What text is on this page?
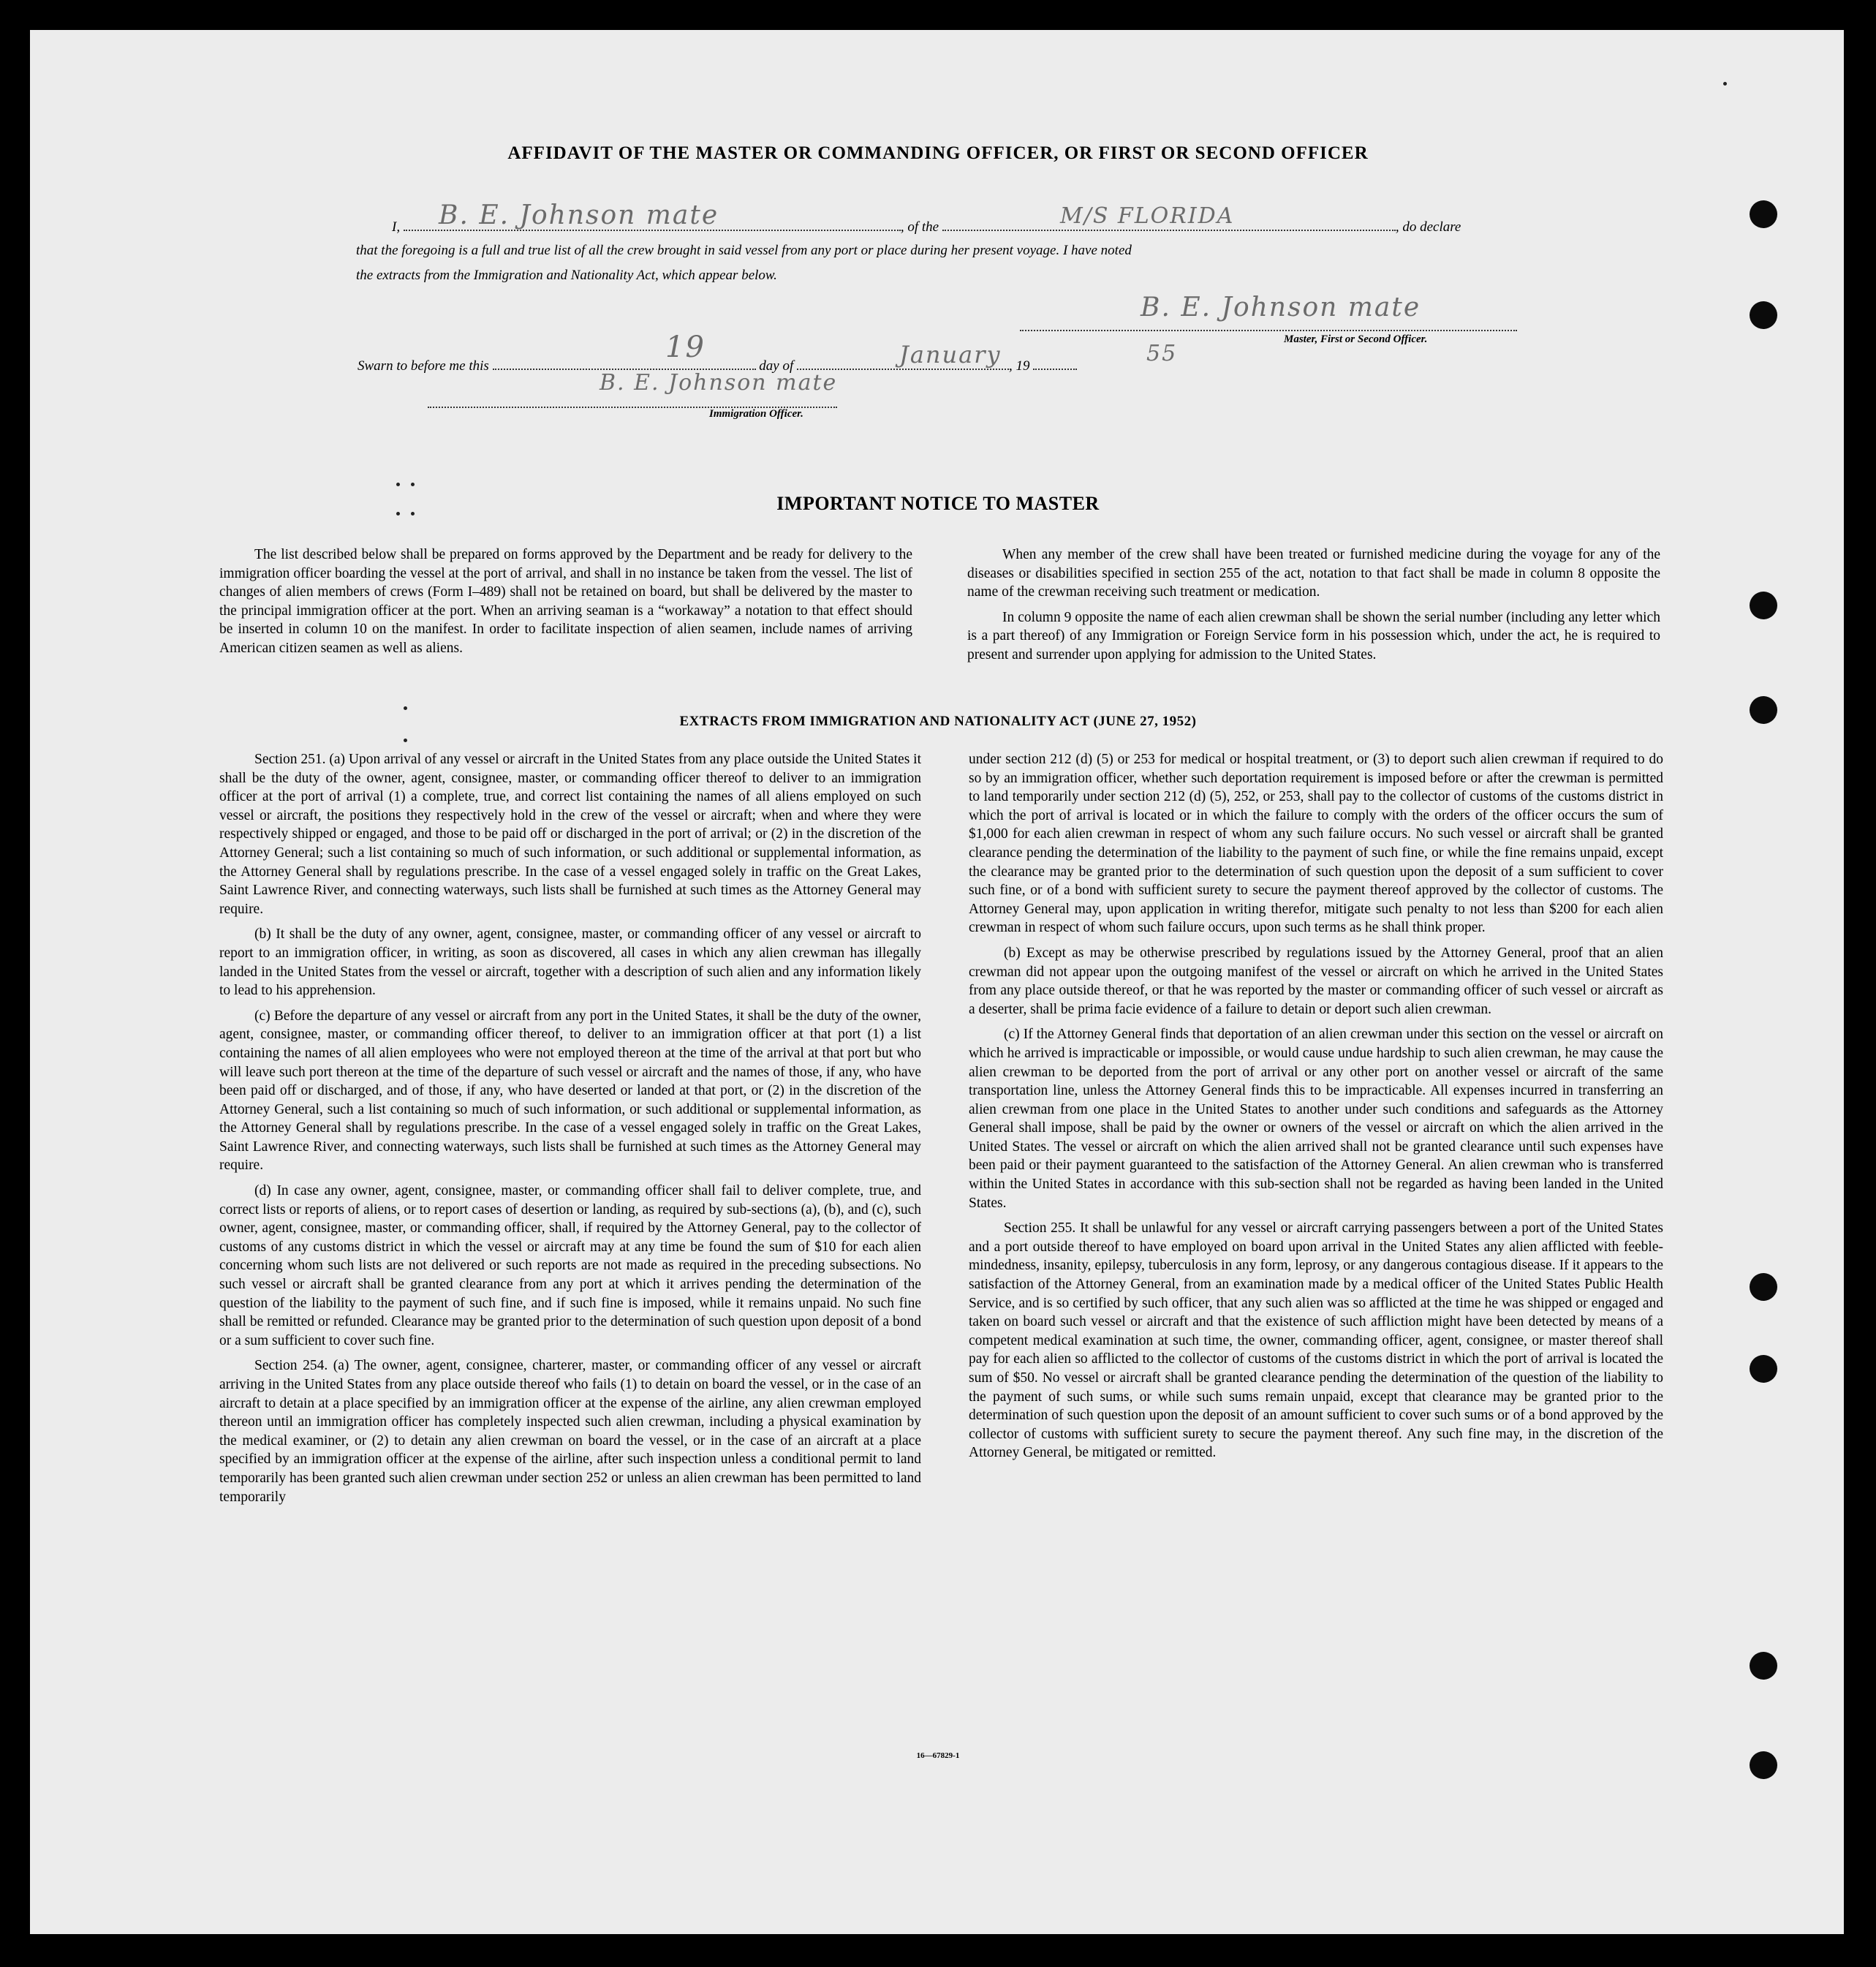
AFFIDAVIT OF THE MASTER OR COMMANDING OFFICER, OR FIRST OR SECOND OFFICER
I,	, of the	, do declare
B. E. Johnson mate	M/S FLORIDA
that the foregoing is a full and true list of all the crew brought in said vessel from any port or place during her present voyage. I have noted
the extracts from the Immigration and Nationality Act, which appear below.
B. E. Johnson mate
Master, First or Second Officer.
Swarn to before me this	day of	, 19
19	January	55
B. E. Johnson mate
Immigration Officer.
IMPORTANT NOTICE TO MASTER

The list described below shall be prepared on forms approved by the Department and be ready for delivery to the immigration officer boarding the vessel at the port of arrival, and shall in no instance be taken from the vessel. The list of changes of alien members of crews (Form I–489) shall not be retained on board, but shall be delivered by the master to the principal immigration officer at the port. When an arriving seaman is a “workaway” a notation to that effect should be inserted in column 10 on the manifest. In order to facilitate inspection of alien seamen, include names of arriving American citizen seamen as well as aliens.

When any member of the crew shall have been treated or furnished medicine during the voyage for any of the diseases or disabilities specified in section 255 of the act, notation to that fact shall be made in column 8 opposite the name of the crewman receiving such treatment or medication.

In column 9 opposite the name of each alien crewman shall be shown the serial number (including any letter which is a part thereof) of any Immigration or Foreign Service form in his possession which, under the act, he is required to present and surrender upon applying for admission to the United States.

EXTRACTS FROM IMMIGRATION AND NATIONALITY ACT (JUNE 27, 1952)

Section 251. (a) Upon arrival of any vessel or aircraft in the United States from any place outside the United States it shall be the duty of the owner, agent, consignee, master, or commanding officer thereof to deliver to an immigration officer at the port of arrival (1) a complete, true, and correct list containing the names of all aliens employed on such vessel or aircraft, the positions they respectively hold in the crew of the vessel or aircraft; when and where they were respectively shipped or engaged, and those to be paid off or discharged in the port of arrival; or (2) in the discretion of the Attorney General; such a list containing so much of such information, or such additional or supplemental information, as the Attorney General shall by regulations prescribe. In the case of a vessel engaged solely in traffic on the Great Lakes, Saint Lawrence River, and connecting waterways, such lists shall be furnished at such times as the Attorney General may require.

(b) It shall be the duty of any owner, agent, consignee, master, or commanding officer of any vessel or aircraft to report to an immigration officer, in writing, as soon as discovered, all cases in which any alien crewman has illegally landed in the United States from the vessel or aircraft, together with a description of such alien and any information likely to lead to his apprehension.

(c) Before the departure of any vessel or aircraft from any port in the United States, it shall be the duty of the owner, agent, consignee, master, or commanding officer thereof, to deliver to an immigration officer at that port (1) a list containing the names of all alien employees who were not employed thereon at the time of the arrival at that port but who will leave such port thereon at the time of the departure of such vessel or aircraft and the names of those, if any, who have been paid off or discharged, and of those, if any, who have deserted or landed at that port, or (2) in the discretion of the Attorney General, such a list containing so much of such information, or such additional or supplemental information, as the Attorney General shall by regulations prescribe. In the case of a vessel engaged solely in traffic on the Great Lakes, Saint Lawrence River, and connecting waterways, such lists shall be furnished at such times as the Attorney General may require.

(d) In case any owner, agent, consignee, master, or commanding officer shall fail to deliver complete, true, and correct lists or reports of aliens, or to report cases of desertion or landing, as required by sub-sections (a), (b), and (c), such owner, agent, consignee, master, or commanding officer, shall, if required by the Attorney General, pay to the collector of customs of any customs district in which the vessel or aircraft may at any time be found the sum of $10 for each alien concerning whom such lists are not delivered or such reports are not made as required in the preceding subsections. No such vessel or aircraft shall be granted clearance from any port at which it arrives pending the determination of the question of the liability to the payment of such fine, and if such fine is imposed, while it remains unpaid. No such fine shall be remitted or refunded. Clearance may be granted prior to the determination of such question upon deposit of a bond or a sum sufficient to cover such fine.

Section 254. (a) The owner, agent, consignee, charterer, master, or commanding officer of any vessel or aircraft arriving in the United States from any place outside thereof who fails (1) to detain on board the vessel, or in the case of an aircraft to detain at a place specified by an immigration officer at the expense of the airline, any alien crewman employed thereon until an immigration officer has completely inspected such alien crewman, including a physical examination by the medical examiner, or (2) to detain any alien crewman on board the vessel, or in the case of an aircraft at a place specified by an immigration officer at the expense of the airline, after such inspection unless a conditional permit to land temporarily has been granted such alien crewman under section 252 or unless an alien crewman has been permitted to land temporarily

under section 212 (d) (5) or 253 for medical or hospital treatment, or (3) to deport such alien crewman if required to do so by an immigration officer, whether such deportation requirement is imposed before or after the crewman is permitted to land temporarily under section 212 (d) (5), 252, or 253, shall pay to the collector of customs of the customs district in which the port of arrival is located or in which the failure to comply with the orders of the officer occurs the sum of $1,000 for each alien crewman in respect of whom any such failure occurs. No such vessel or aircraft shall be granted clearance pending the determination of the liability to the payment of such fine, or while the fine remains unpaid, except the clearance may be granted prior to the determination of such question upon the deposit of a sum sufficient to cover such fine, or of a bond with sufficient surety to secure the payment thereof approved by the collector of customs. The Attorney General may, upon application in writing therefor, mitigate such penalty to not less than $200 for each alien crewman in respect of whom such failure occurs, upon such terms as he shall think proper.

(b) Except as may be otherwise prescribed by regulations issued by the Attorney General, proof that an alien crewman did not appear upon the outgoing manifest of the vessel or aircraft on which he arrived in the United States from any place outside thereof, or that he was reported by the master or commanding officer of such vessel or aircraft as a deserter, shall be prima facie evidence of a failure to detain or deport such alien crewman.

(c) If the Attorney General finds that deportation of an alien crewman under this section on the vessel or aircraft on which he arrived is impracticable or impossible, or would cause undue hardship to such alien crewman, he may cause the alien crewman to be deported from the port of arrival or any other port on another vessel or aircraft of the same transportation line, unless the Attorney General finds this to be impracticable. All expenses incurred in transferring an alien crewman from one place in the United States to another under such conditions and safeguards as the Attorney General shall impose, shall be paid by the owner or owners of the vessel or aircraft on which the alien arrived in the United States. The vessel or aircraft on which the alien arrived shall not be granted clearance until such expenses have been paid or their payment guaranteed to the satisfaction of the Attorney General. An alien crewman who is transferred within the United States in accordance with this sub-section shall not be regarded as having been landed in the United States.

Section 255. It shall be unlawful for any vessel or aircraft carrying passengers between a port of the United States and a port outside thereof to have employed on board upon arrival in the United States any alien afflicted with feeble-mindedness, insanity, epilepsy, tuberculosis in any form, leprosy, or any dangerous contagious disease. If it appears to the satisfaction of the Attorney General, from an examination made by a medical officer of the United States Public Health Service, and is so certified by such officer, that any such alien was so afflicted at the time he was shipped or engaged and taken on board such vessel or aircraft and that the existence of such affliction might have been detected by means of a competent medical examination at such time, the owner, commanding officer, agent, consignee, or master thereof shall pay for each alien so afflicted to the collector of customs of the customs district in which the port of arrival is located the sum of $50. No vessel or aircraft shall be granted clearance pending the determination of the question of the liability to the payment of such sums, or while such sums remain unpaid, except that clearance may be granted prior to the determination of such question upon the deposit of an amount sufficient to cover such sums or of a bond approved by the collector of customs with sufficient surety to secure the payment thereof. Any such fine may, in the discretion of the Attorney General, be mitigated or remitted.

16—67829-1
